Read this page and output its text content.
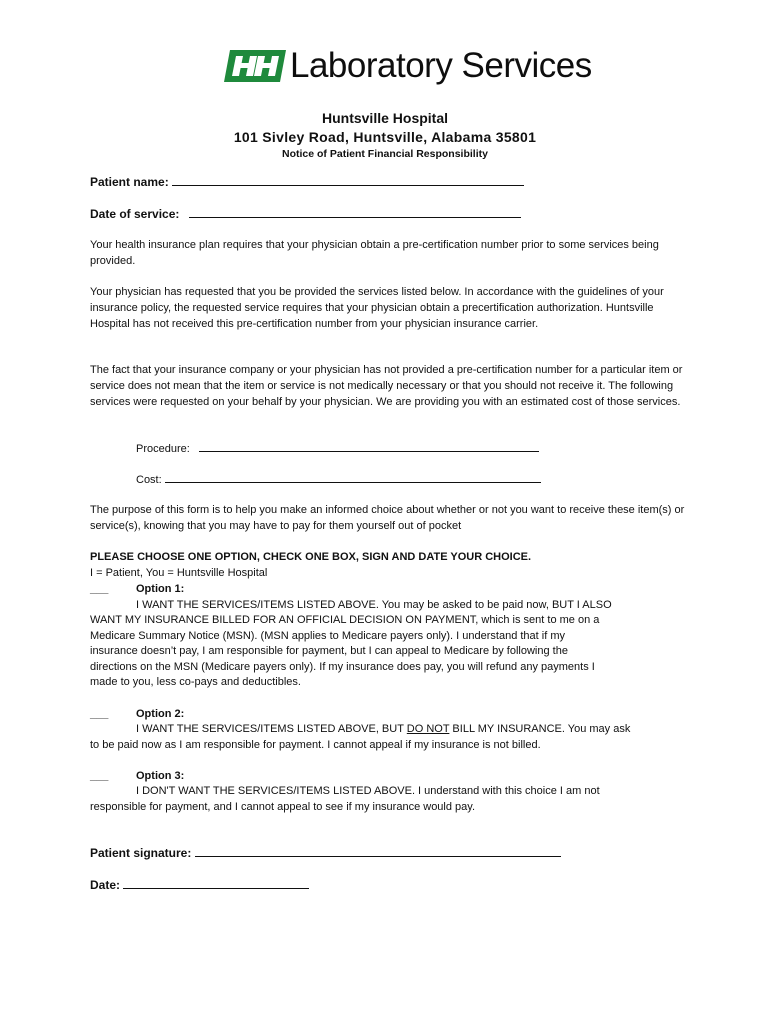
Laboratory Services
Huntsville Hospital
101 Sivley Road, Huntsville, Alabama 35801
Notice of Patient Financial Responsibility
Patient name:
Date of service:

Your health insurance plan requires that your physician obtain a pre-certification number prior to some services being provided.

Your physician has requested that you be provided the services listed below. In accordance with the guidelines of your insurance policy, the requested service requires that your physician obtain a precertification authorization. Huntsville Hospital has not received this pre-certification number from your physician insurance carrier.

The fact that your insurance company or your physician has not provided a pre-certification number for a particular item or service does not mean that the item or service is not medically necessary or that you should not receive it. The following services were requested on your behalf by your physician. We are providing you with an estimated cost of those services.

Procedure:
Cost:

The purpose of this form is to help you make an informed choice about whether or not you want to receive these item(s) or service(s), knowing that you may have to pay for them yourself out of pocket

PLEASE CHOOSE ONE OPTION, CHECK ONE BOX, SIGN AND DATE YOUR CHOICE.
I = Patient, You = Huntsville Hospital
___	Option 1:
I WANT THE SERVICES/ITEMS LISTED ABOVE. You may be asked to be paid now, BUT I ALSO
WANT MY INSURANCE BILLED FOR AN OFFICIAL DECISION ON PAYMENT, which is sent to me on a
Medicare Summary Notice (MSN). (MSN applies to Medicare payers only). I understand that if my
insurance doesn’t pay, I am responsible for payment, but I can appeal to Medicare by following the
directions on the MSN (Medicare payers only). If my insurance does pay, you will refund any payments I
made to you, less co-pays and deductibles.
___	Option 2:
I WANT THE SERVICES/ITEMS LISTED ABOVE, BUT DO NOT BILL MY INSURANCE. You may ask
to be paid now as I am responsible for payment. I cannot appeal if my insurance is not billed.
___	Option 3:
I DON'T WANT THE SERVICES/ITEMS LISTED ABOVE. I understand with this choice I am not
responsible for payment, and I cannot appeal to see if my insurance would pay.
Patient signature:
Date:
